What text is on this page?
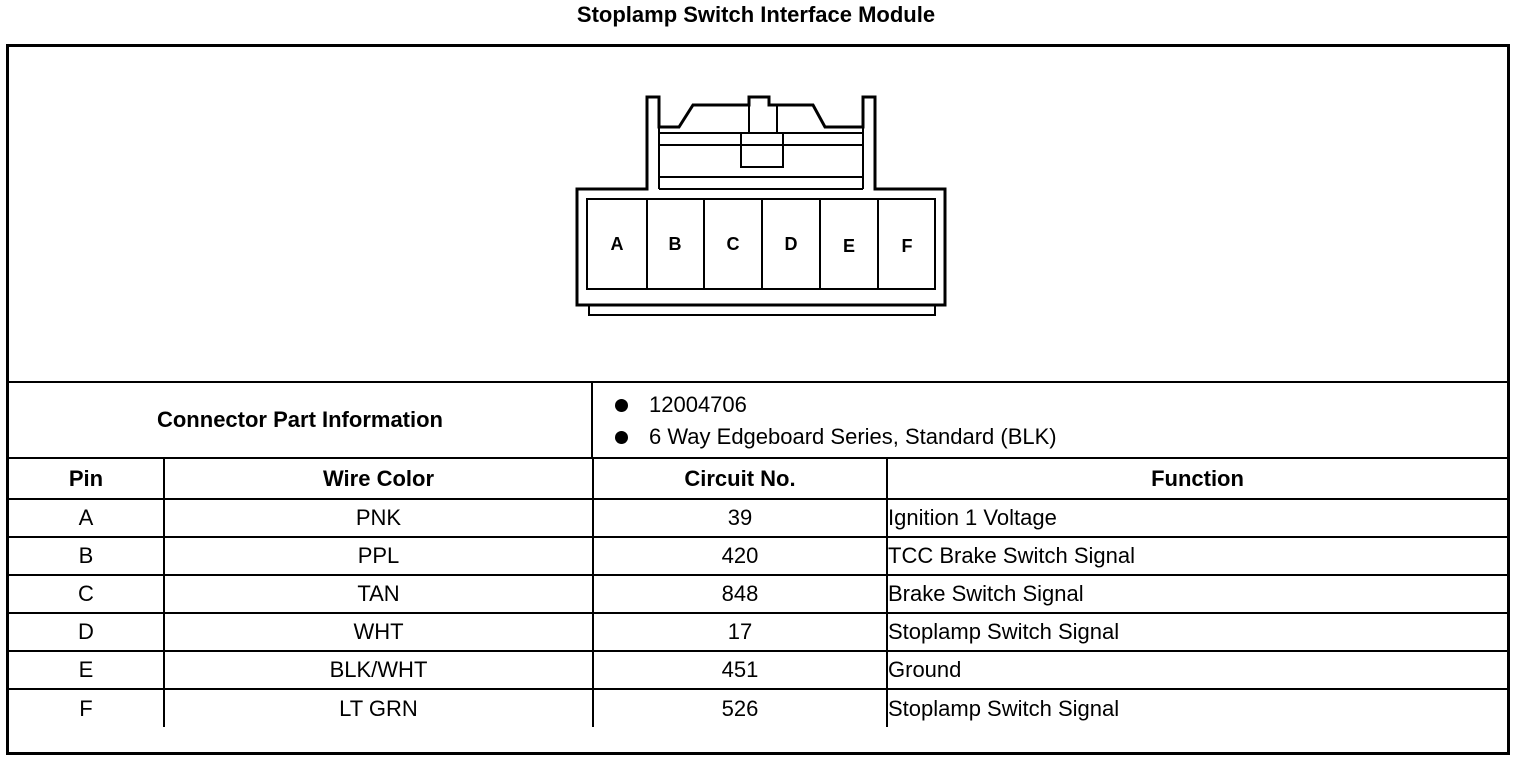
Stoplamp Switch Interface Module
A	B	C	D	E	F
Connector Part Information
12004706
6 Way Edgeboard Series, Standard (BLK)
Pin	Wire Color	Circuit No.	Function
A	PNK	39	Ignition 1 Voltage
B	PPL	420	TCC Brake Switch Signal
C	TAN	848	Brake Switch Signal
D	WHT	17	Stoplamp Switch Signal
E	BLK/WHT	451	Ground
F	LT GRN	526	Stoplamp Switch Signal
